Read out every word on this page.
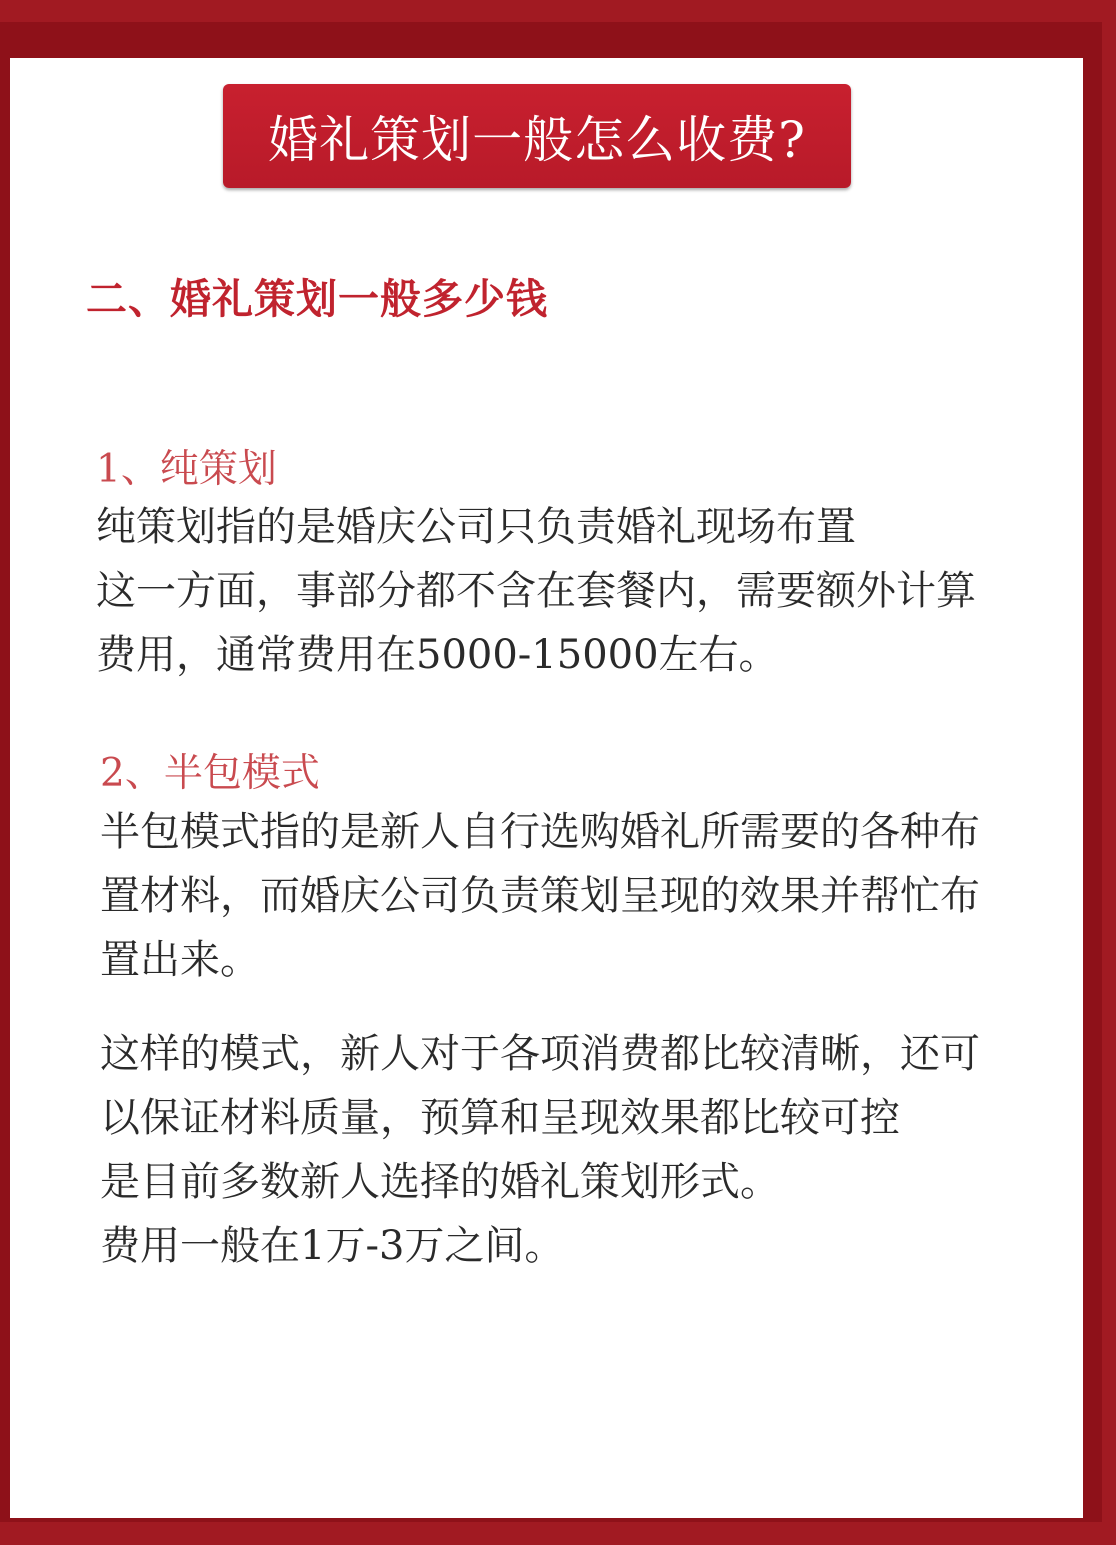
婚礼策划一般怎么收费?
二、婚礼策划一般多少钱
1、纯策划
纯策划指的是婚庆公司只负责婚礼现场布置
这一方面，事部分都不含在套餐内，需要额外计算
费用，通常费用在5000-15000左右。
2、半包模式
半包模式指的是新人自行选购婚礼所需要的各种布
置材料，而婚庆公司负责策划呈现的效果并帮忙布
置出来。
这样的模式，新人对于各项消费都比较清晰，还可
以保证材料质量，预算和呈现效果都比较可控
是目前多数新人选择的婚礼策划形式。
费用一般在1万-3万之间。
